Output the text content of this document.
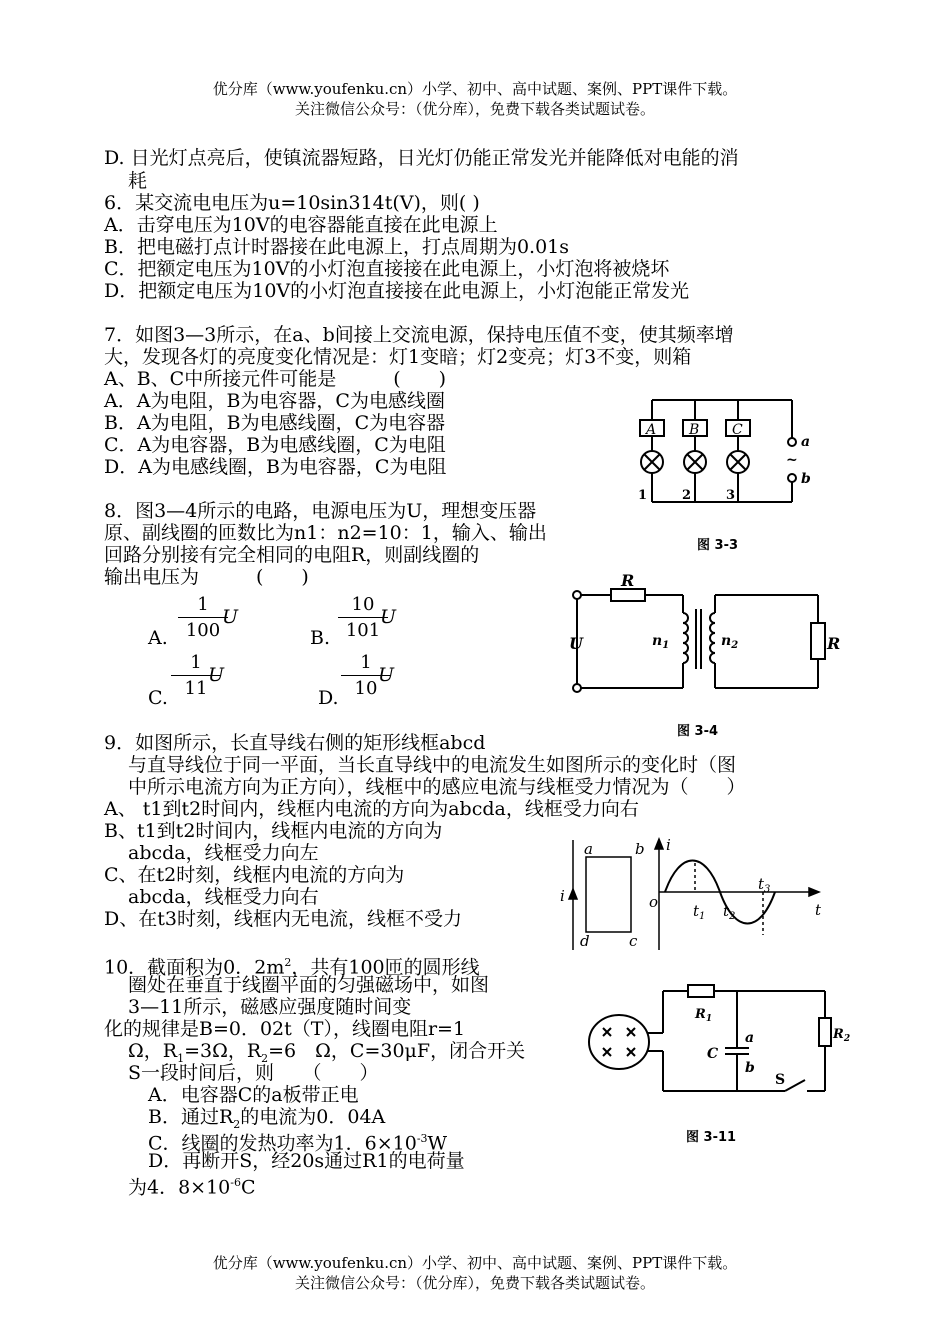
优分库（www.youfenku.cn）小学、初中、高中试题、案例、PPT课件下载。
关注微信公众号：（优分库），免费下载各类试题试卷。
D. 日光灯点亮后，使镇流器短路，日光灯仍能正常发光并能降低对电能的消
耗
6．某交流电电压为u=10sin314t(V)，则( )
A．击穿电压为10V的电容器能直接在此电源上
B．把电磁打点计时器接在此电源上，打点周期为0.01s
C．把额定电压为10V的小灯泡直接接在此电源上，小灯泡将被烧坏
D．把额定电压为10V的小灯泡直接接在此电源上，小灯泡能正常发光
7．如图3—3所示，在a、b间接上交流电源，保持电压值不变，使其频率增
大，发现各灯的亮度变化情况是：灯1变暗；灯2变亮；灯3不变，则箱
A、B、C中所接元件可能是　　　(　　)
A．A为电阻，B为电容器，C为电感线圈
B．A为电阻，B为电感线圈，C为电容器
C．A为电容器，B为电感线圈，C为电阻
D．A为电感线圈，B为电容器，C为电阻
A B C
1	2	3
a
~
b
图 3-3
8．图3—4所示的电路，电源电压为U，理想变压器
原、副线圈的匝数比为n1：n2=10：1，输入、输出
回路分别接有完全相同的电阻R，则副线圈的
输出电压为　　　(　　)
A. $\frac{1}{100}$
U
B. $\frac{10}{101}$
U
C. $\frac{1}{11}$
U
D. $\frac{1}{10}$
U
R
U	$n_1$	$n_2$	R
图 3-4
9．如图所示，长直导线右侧的矩形线框abcd
与直导线位于同一平面，当长直导线中的电流发生如图所示的变化时（图
中所示电流方向为正方向），线框中的感应电流与线框受力情况为（　　）
A、 t1到t2时间内，线框内电流的方向为abcda，线框受力向右
B、t1到t2时间内，线框内电流的方向为
abcda，线框受力向左
C、在t2时刻，线框内电流的方向为
abcda，线框受力向右
D、在t3时刻，线框内无电流，线框不受力
a	b
d	c
i
i
o	t
$t_1$ $t_2$
$t_3$
10．截面积为0．$2m^2$，共有100匝的圆形线
圈处在垂直于线圈平面的匀强磁场中，如图
3—11所示，磁感应强度随时间变
化的规律是B=0．02t（T），线圈电阻r=1
Ω，$R_1=3\Omega$，$R_2=6$　Ω，C=30μF，闭合开关
S一段时间后，则　　（　　）
A．电容器C的a板带正电
B．通过$R_2$的电流为0．04A
C．线圈的发热功率为1．$6\times 10^{-3}W$
D．再断开S，经20s通过R1的电荷量
为4．$8\times 10^{-6}C$
$R_1$
$R_2$
C
a
b
S
图 3-11
优分库（www.youfenku.cn）小学、初中、高中试题、案例、PPT课件下载。
关注微信公众号：（优分库），免费下载各类试题试卷。
